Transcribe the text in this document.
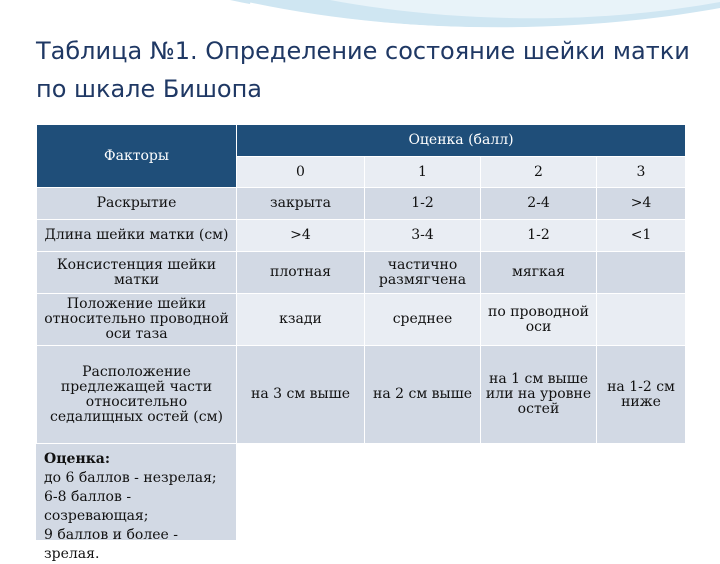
Таблица №1. Определение состояние шейки матки по шкале Бишопа
Факторы	Оценка (балл)			
	0	1	2	3
Раскрытие	закрыта	1-2	2-4	>4
Длина шейки матки (см)	>4	3-4	1-2	<1
Консистенция шейки матки	плотная	частично размягчена	мягкая	
Положение шейки относительно проводной оси таза	кзади	среднее	по проводной оси	
Расположение предлежащей части относительно седалищных остей (см)	на 3 см выше	на 2 см выше	на 1 см выше или на уровне остей	на 1-2 см ниже
Оценка:
до 6 баллов - незрелая;
6-8 баллов - созревающая;
9 баллов и более - зрелая.
